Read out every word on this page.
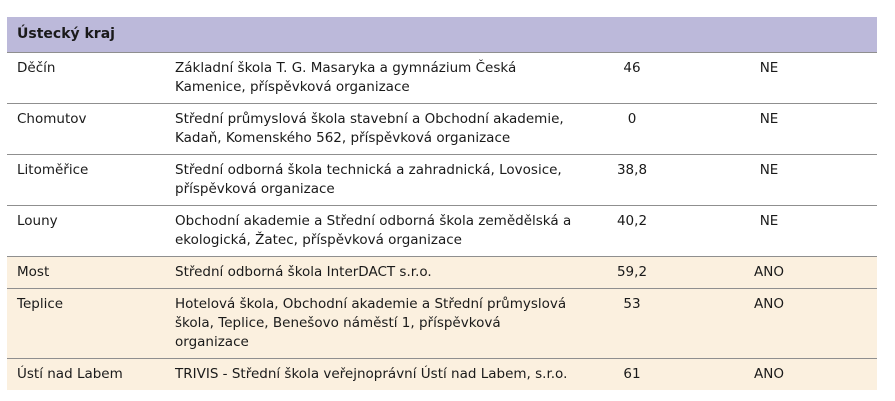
Ústecký kraj			
Děčín	Základní škola T. G. Masaryka a gymnázium Česká Kamenice, příspěvková organizace	46	NE
Chomutov	Střední průmyslová škola stavební a Obchodní akademie, Kadaň, Komenského 562, příspěvková organizace	0	NE
Litoměřice	Střední odborná škola technická a zahradnická, Lovosice, příspěvková organizace	38,8	NE
Louny	Obchodní akademie a Střední odborná škola zemědělská a ekologická, Žatec, příspěvková organizace	40,2	NE
Most	Střední odborná škola InterDACT s.r.o.	59,2	ANO
Teplice	Hotelová škola, Obchodní akademie a Střední průmyslová škola, Teplice, Benešovo náměstí 1, příspěvková organizace	53	ANO
Ústí nad Labem	TRIVIS - Střední škola veřejnoprávní Ústí nad Labem, s.r.o.	61	ANO
